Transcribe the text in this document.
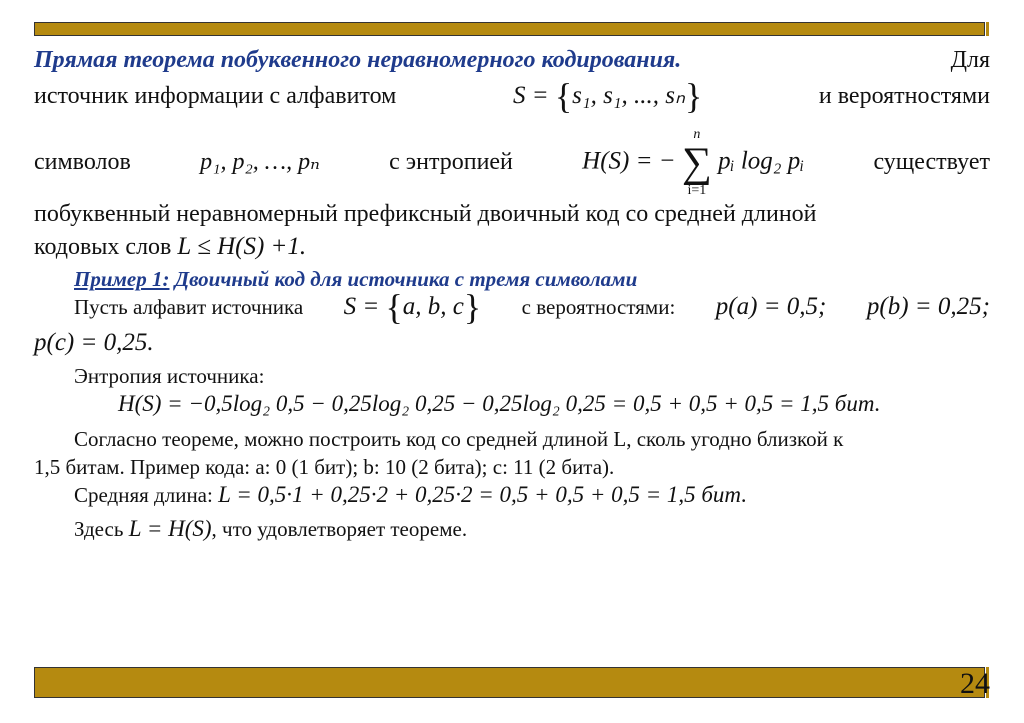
24
Прямая теорема побуквенного неравномерного кодирования.	Для
источник информации с алфавитом	S = {s₁, s₁, ..., sₙ}	и вероятностями
символов	p₁, p₂, …, pₙ	с энтропией	H(S) = −
n
∑
i=1
pᵢ log₂ pᵢ	существует
побуквенный неравномерный префиксный двоичный код со средней длиной
кодовых слов L ≤ H(S) +1.
Пример 1: Двоичный код для источника с тремя символами
Пусть алфавит источника S = {a, b, c} с вероятностями: p(a) = 0,5; p(b) = 0,25;
p(c) = 0,25.
Энтропия источника:
H(S) = −0,5log₂ 0,5 − 0,25log₂ 0,25 − 0,25log₂ 0,25 = 0,5 + 0,5 + 0,5 = 1,5 бит.
Согласно теореме, можно построить код со средней длиной L, сколь угодно близкой к
1,5 битам. Пример кода: a: 0 (1 бит); b: 10 (2 бита); c: 11 (2 бита).
Средняя длина: L = 0,5·1 + 0,25·2 + 0,25·2 = 0,5 + 0,5 + 0,5 = 1,5 бит.
Здесь L = H(S), что удовлетворяет теореме.
